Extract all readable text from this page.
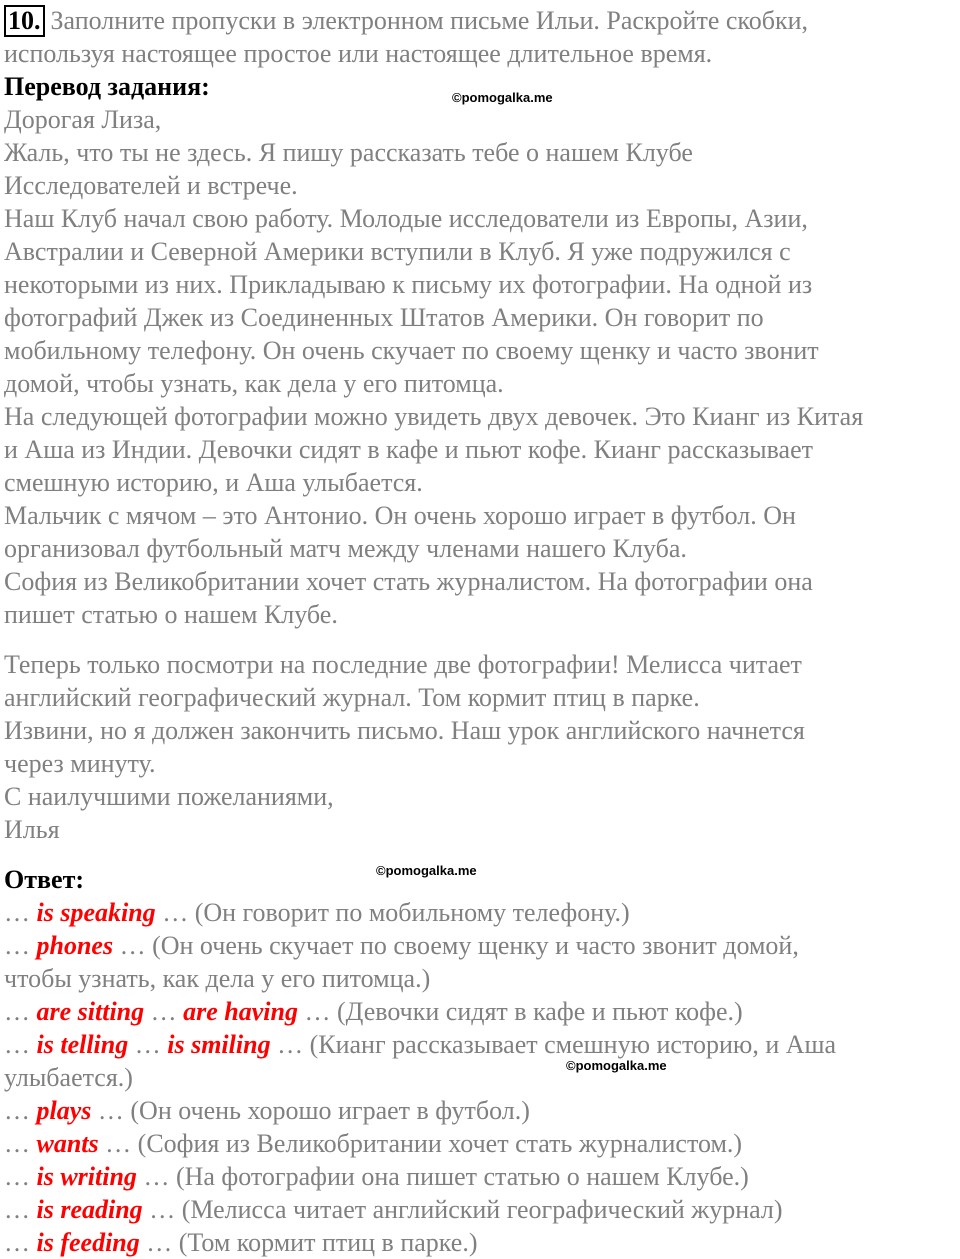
10. Заполните пропуски в электронном письме Ильи. Раскройте скобки,
используя настоящее простое или настоящее длительное время.
Перевод задания:
Дорогая Лиза,
Жаль, что ты не здесь. Я пишу рассказать тебе о нашем Клубе
Исследователей и встрече.
Наш Клуб начал свою работу. Молодые исследователи из Европы, Азии,
Австралии и Северной Америки вступили в Клуб. Я уже подружился с
некоторыми из них. Прикладываю к письму их фотографии. На одной из
фотографий Джек из Соединенных Штатов Америки. Он говорит по
мобильному телефону. Он очень скучает по своему щенку и часто звонит
домой, чтобы узнать, как дела у его питомца.
На следующей фотографии можно увидеть двух девочек. Это Кианг из Китая
и Аша из Индии. Девочки сидят в кафе и пьют кофе. Кианг рассказывает
смешную историю, и Аша улыбается.
Мальчик с мячом – это Антонио. Он очень хорошо играет в футбол. Он
организовал футбольный матч между членами нашего Клуба.
София из Великобритании хочет стать журналистом. На фотографии она
пишет статью о нашем Клубе.
Теперь только посмотри на последние две фотографии! Мелисса читает
английский географический журнал. Том кормит птиц в парке.
Извини, но я должен закончить письмо. Наш урок английского начнется
через минуту.
С наилучшими пожеланиями,
Илья
Ответ:
… is speaking … (Он говорит по мобильному телефону.)
… phones … (Он очень скучает по своему щенку и часто звонит домой,
чтобы узнать, как дела у его питомца.)
… are sitting … are having … (Девочки сидят в кафе и пьют кофе.)
… is telling … is smiling … (Кианг рассказывает смешную историю, и Аша
улыбается.)
… plays … (Он очень хорошо играет в футбол.)
… wants … (София из Великобритании хочет стать журналистом.)
… is writing … (На фотографии она пишет статью о нашем Клубе.)
… is reading … (Мелисса читает английский географический журнал)
… is feeding … (Том кормит птиц в парке.)
©pomogalka.me
©pomogalka.me
©pomogalka.me
